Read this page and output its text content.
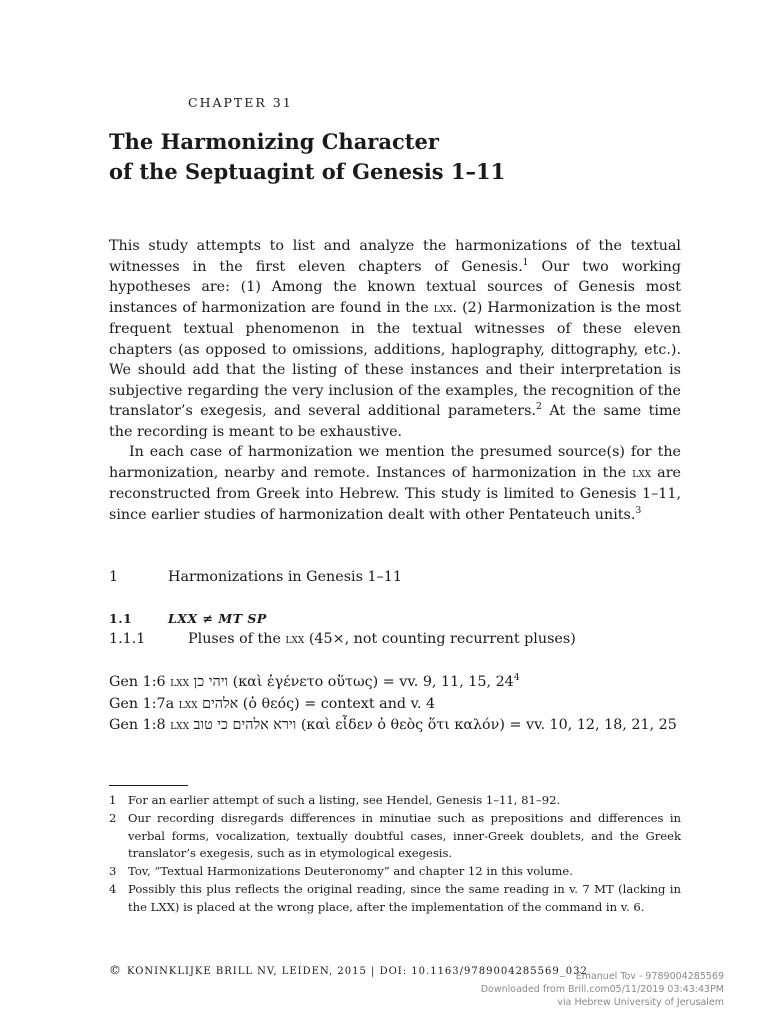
CHAPTER 31
The Harmonizing Character
of the Septuagint of Genesis 1–11

This study attempts to list and analyze the harmonizations of the textual witnesses in the first eleven chapters of Genesis.$^1$ Our two working hypotheses are: (1) Among the known textual sources of Genesis most instances of harmonization are found in the lxx. (2) Harmonization is the most frequent textual phenomenon in the textual witnesses of these eleven chapters (as opposed to omissions, additions, haplography, dittography, etc.). We should add that the listing of these instances and their interpretation is subjective regarding the very inclusion of the examples, the recognition of the translator’s exegesis, and several additional parameters.$^2$ At the same time the recording is meant to be exhaustive.

In each case of harmonization we mention the presumed source(s) for the harmonization, nearby and remote. Instances of harmonization in the lxx are reconstructed from Greek into Hebrew. This study is limited to Genesis 1–11, since earlier studies of harmonization dealt with other Pentateuch units.$^3$

1	Harmonizations in Genesis 1–11
1.1	LXX ≠ MT SP
1.1.1	Pluses of the lxx (45×, not counting recurrent pluses)
Gen 1:6 lxx ויהי כן (καὶ ἐγένετο οὕτως) = vv. 9, 11, 15, $24^4$
Gen 1:7a lxx אלהים (ὁ θεός) = context and v. 4
Gen 1:8 lxx וירא אלהים כי טוב (καὶ εἶδεν ὁ θεὸς ὅτι καλόν) = vv. 10, 12, 18, 21, 25
1	For an earlier attempt of such a listing, see Hendel, Genesis 1–11, 81–92.
2	Our recording disregards differences in minutiae such as prepositions and differences in verbal forms, vocalization, textually doubtful cases, inner-Greek doublets, and the Greek translator’s exegesis, such as in etymological exegesis.
3	Tov, “Textual Harmonizations Deuteronomy” and chapter 12 in this volume.
4	Possibly this plus reflects the original reading, since the same reading in v. 7 MT (lacking in the LXX) is placed at the wrong place, after the implementation of the command in v. 6.
© KONINKLIJKE BRILL NV, LEIDEN, 2015 | DOI: 10.1163/9789004285569_032
Emanuel Tov - 9789004285569
Downloaded from Brill.com05/11/2019 03:43:43PM
via Hebrew University of Jerusalem
